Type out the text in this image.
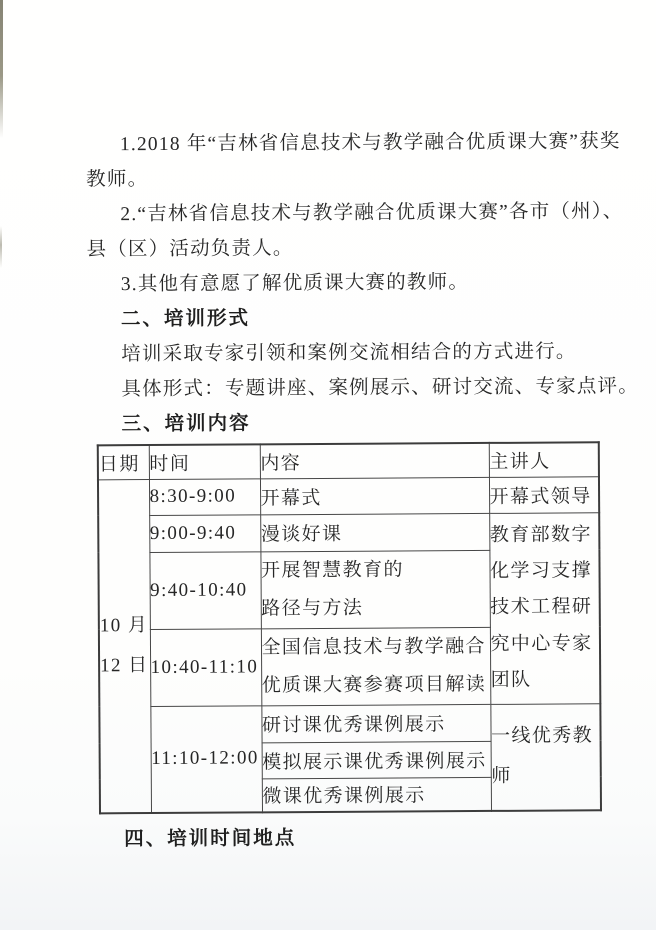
1.2018 年“吉林省信息技术与教学融合优质课大赛”获奖
教师。
2.“吉林省信息技术与教学融合优质课大赛”各市（州）、
县（区）活动负责人。
3.其他有意愿了解优质课大赛的教师。
二、培训形式
培训采取专家引领和案例交流相结合的方式进行。
具体形式：专题讲座、案例展示、研讨交流、专家点评。
三、培训内容
日期	时间	内容	主讲人
10 月
12 日	8:30-9:00	开幕式	开幕式领导
	9:00-9:40	漫谈好课	教育部数字
化学习支撑
技术工程研
究中心专家
团队
	9:40-10:40	开展智慧教育的
路径与方法	
	10:40-11:10	全国信息技术与教学融合
优质课大赛参赛项目解读	
	11:10-12:00	研讨课优秀课例展示	一线优秀教
师
		模拟展示课优秀课例展示	
		微课优秀课例展示	
四、培训时间地点
